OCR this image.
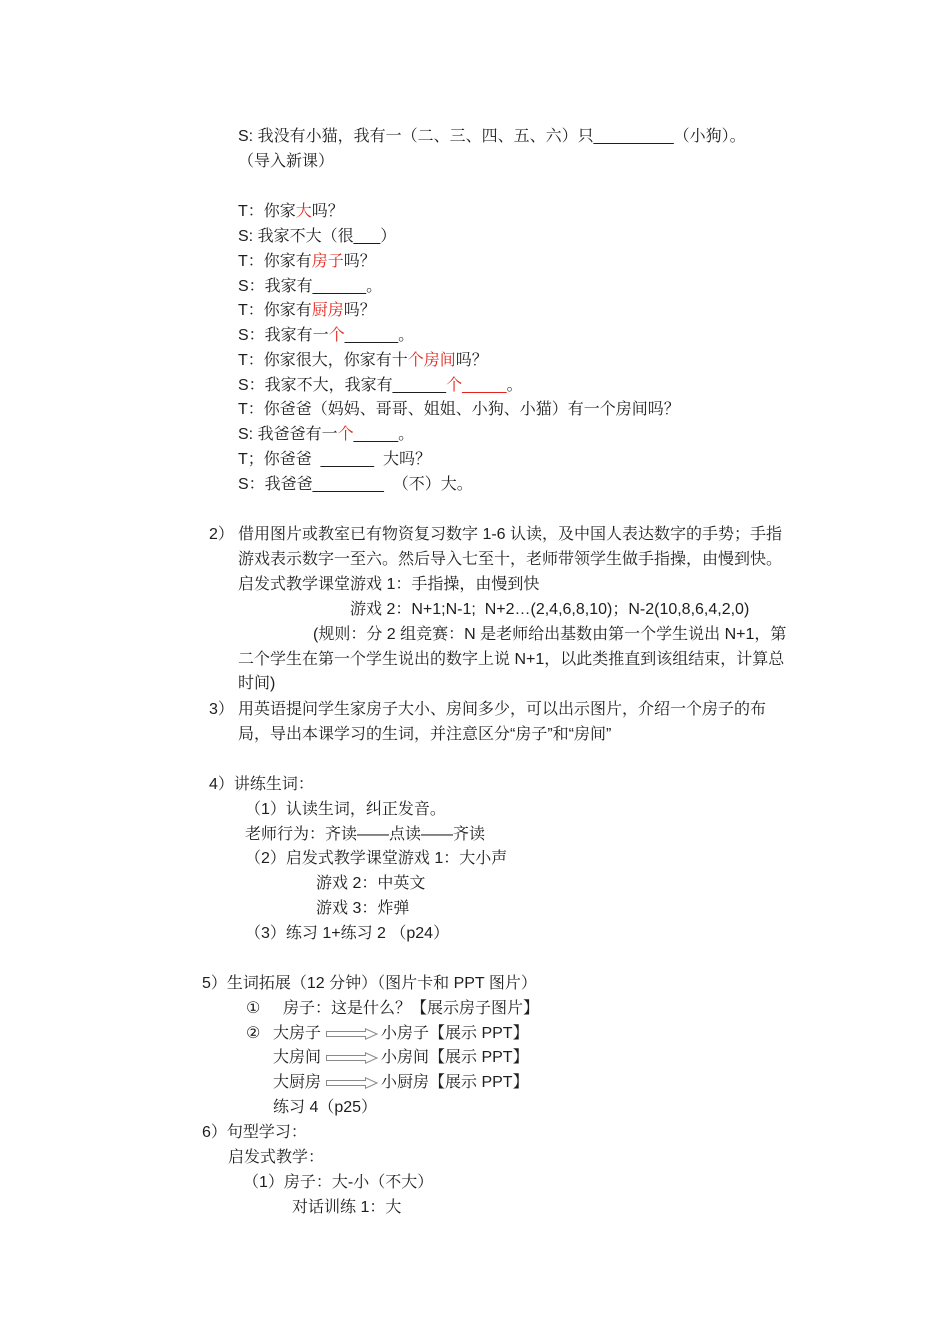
S: 我没有小猫，我有一（二、三、四、五、六）只_________（小狗）。
（导入新课）
T：你家大吗？
S: 我家不大（很___）
T：你家有房子吗？
S：我家有______。
T：你家有厨房吗？
S：我家有一个______。
T：你家很大，你家有十个房间吗？
S：我家不大，我家有______个_____。
T：你爸爸（妈妈、哥哥、姐姐、小狗、小猫）有一个房间吗？
S: 我爸爸有一个_____。
T；你爸爸  ______  大吗？
S：我爸爸________  （不）大。
2） 借用图片或教室已有物资复习数字 1-6 认读，及中国人表达数字的手势；手指
游戏表示数字一至六。然后导入七至十，老师带领学生做手指操，由慢到快。
启发式教学课堂游戏 1：手指操，由慢到快
游戏 2：N+1;N-1;  N+2…(2,4,6,8,10)；N-2(10,8,6,4,2,0)
(规则：分 2 组竞赛：N 是老师给出基数由第一个学生说出 N+1，第
二个学生在第一个学生说出的数字上说 N+1，以此类推直到该组结束，计算总
时间)
3） 用英语提问学生家房子大小、房间多少，可以出示图片，介绍一个房子的布
局，导出本课学习的生词，并注意区分“房子”和“房间”
4）讲练生词：
（1）认读生词，纠正发音。
老师行为：齐读——点读——齐读
（2）启发式教学课堂游戏 1：大小声
游戏 2：中英文
游戏 3：炸弹
（3）练习 1+练习 2 （p24）
5）生词拓展（12 分钟）（图片卡和 PPT 图片）
① 房子：这是什么？【展示房子图片】
② 大房子	小房子【展示 PPT】
大房间	小房间【展示 PPT】
大厨房	小厨房【展示 PPT】
练习 4（p25）
6）句型学习：
启发式教学：
（1）房子：大-小（不大）
对话训练 1：大
